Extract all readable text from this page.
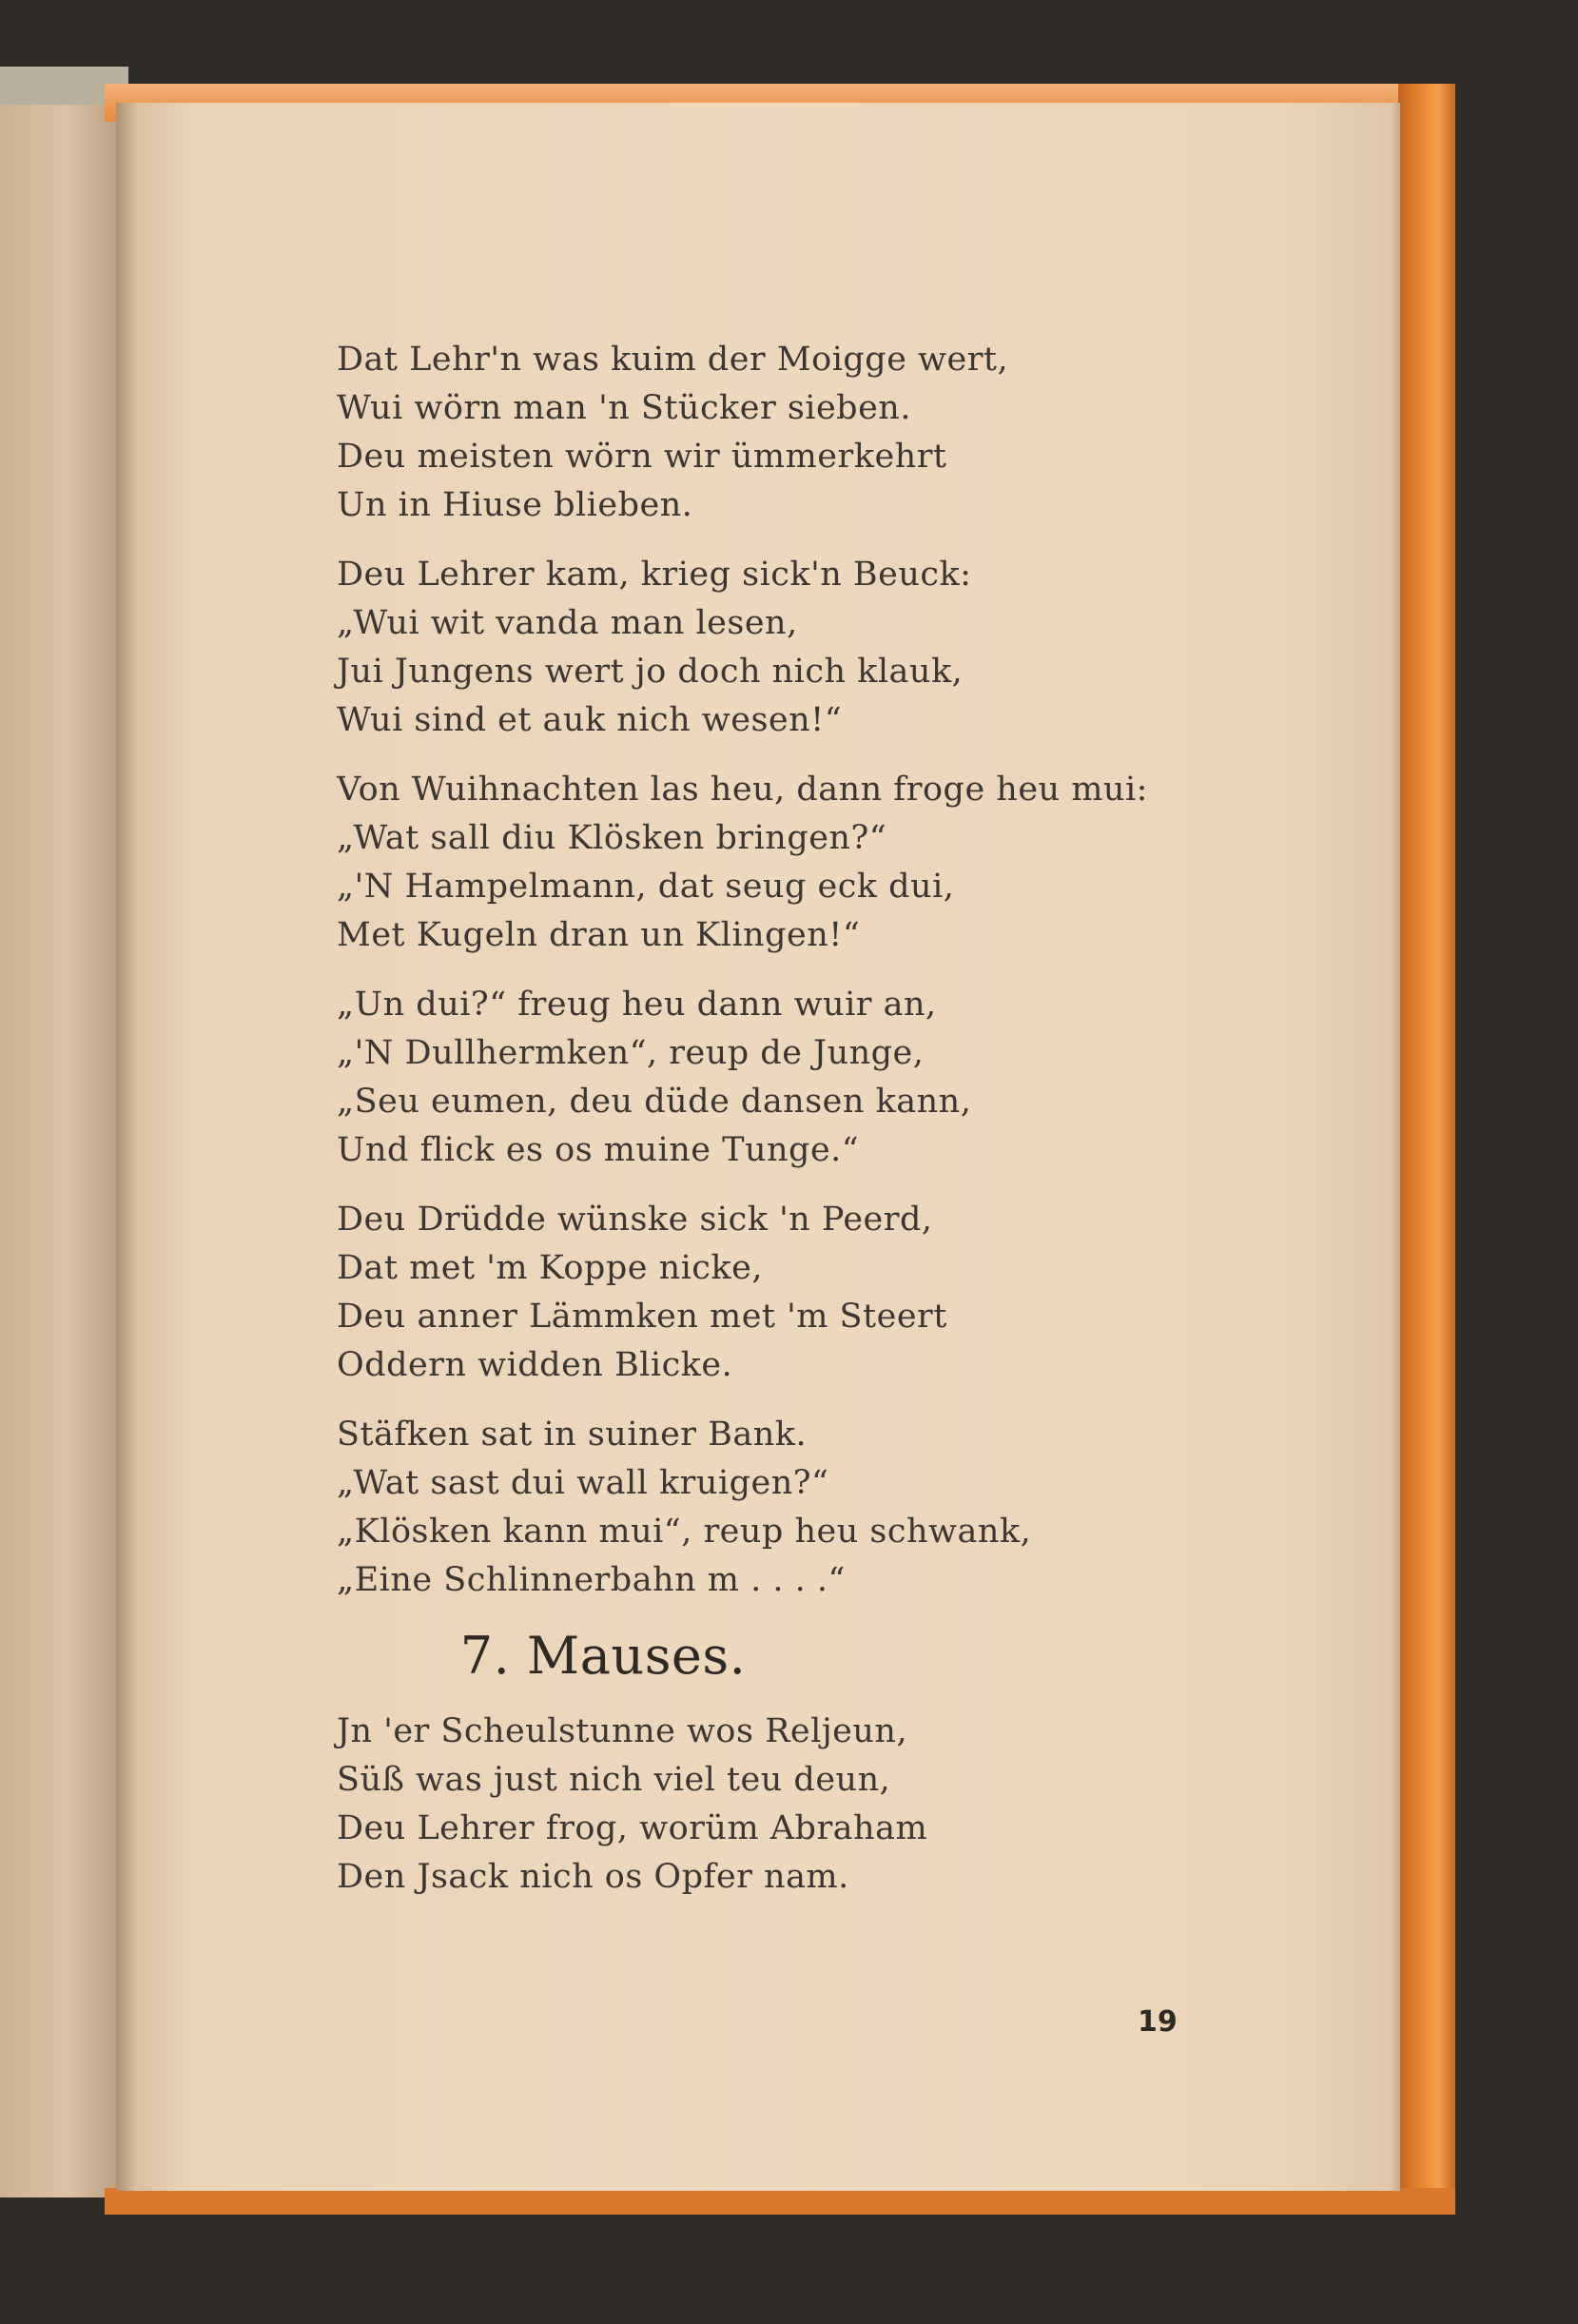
Dat Lehr'n was kuim der Moigge wert,
Wui wörn man 'n Stücker sieben.
Deu meisten wörn wir ümmerkehrt
Un in Hiuse blieben.
Deu Lehrer kam, krieg sick'n Beuck:
„Wui wit vanda man lesen,
Jui Jungens wert jo doch nich klauk,
Wui sind et auk nich wesen!“
Von Wuihnachten las heu, dann froge heu mui:
„Wat sall diu Klösken bringen?“
„'N Hampelmann, dat seug eck dui,
Met Kugeln dran un Klingen!“
„Un dui?“ freug heu dann wuir an,
„'N Dullhermken“, reup de Junge,
„Seu eumen, deu düde dansen kann,
Und flick es os muine Tunge.“
Deu Drüdde wünske sick 'n Peerd,
Dat met 'm Koppe nicke,
Deu anner Lämmken met 'm Steert
Oddern widden Blicke.
Stäfken sat in suiner Bank.
„Wat sast dui wall kruigen?“
„Klösken kann mui“, reup heu schwank,
„Eine Schlinnerbahn m . . . .“
7. Mauses.
Jn 'er Scheulstunne wos Reljeun,
Süß was just nich viel teu deun,
Deu Lehrer frog, worüm Abraham
Den Jsack nich os Opfer nam.
19
